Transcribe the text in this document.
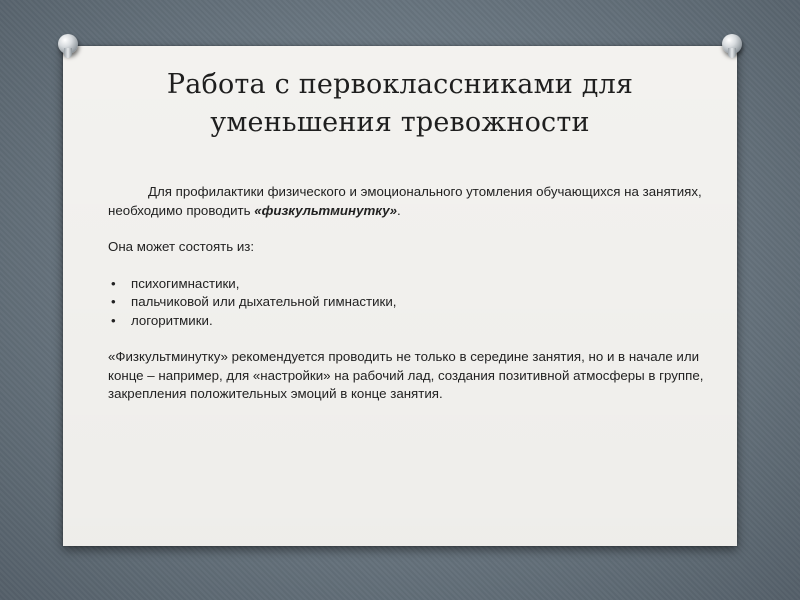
Работа с первоклассниками для
уменьшения тревожности

Для профилактики физического и эмоционального утомления обучающихся на занятиях, необходимо проводить «физкультминутку».

Она может состоять из:

• психогимнастики,
• пальчиковой или дыхательной гимнастики,
• логоритмики.

«Физкультминутку» рекомендуется проводить не только в середине занятия, но и в начале или конце – например, для «настройки» на рабочий лад, создания позитивной атмосферы в группе, закрепления положительных эмоций в конце занятия.
